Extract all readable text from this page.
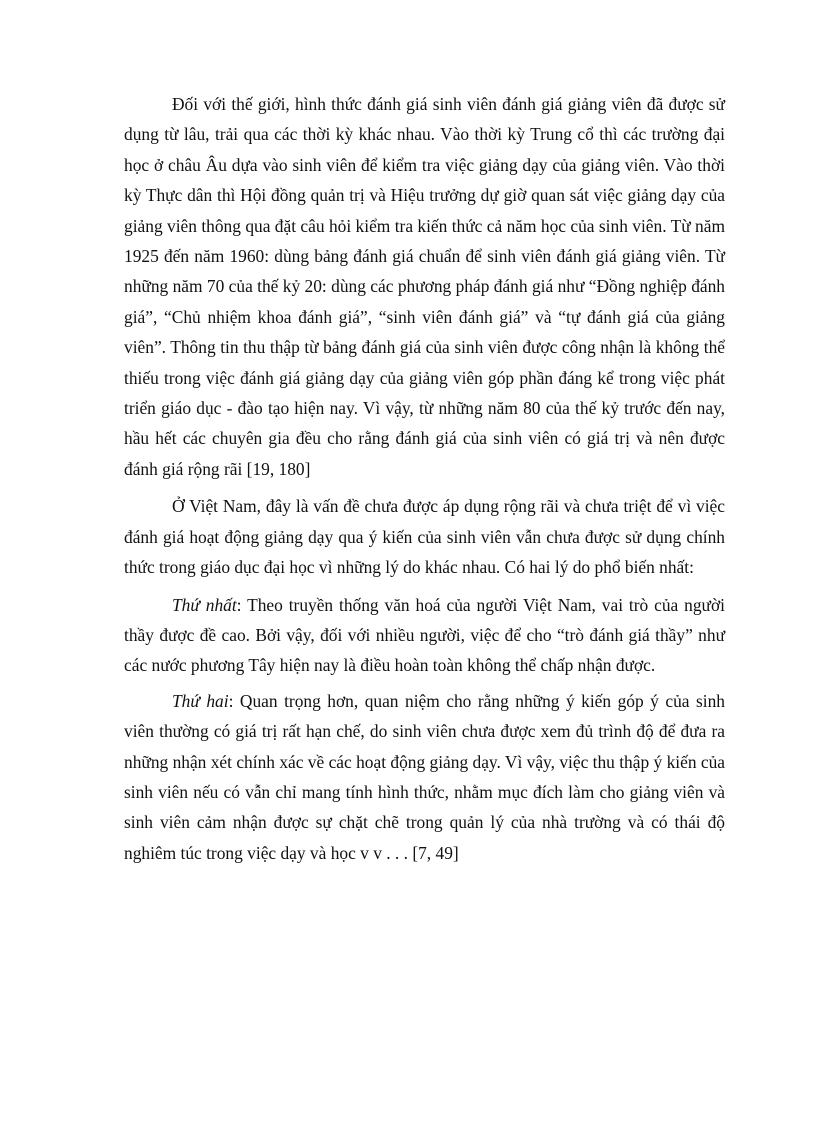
Đối với thế giới, hình thức đánh giá sinh viên đánh giá giảng viên đã được sử dụng từ lâu, trải qua các thời kỳ khác nhau. Vào thời kỳ Trung cổ thì các trường đại học ở châu Âu dựa vào sinh viên để kiểm tra việc giảng dạy của giảng viên. Vào thời kỳ Thực dân thì Hội đồng quản trị và Hiệu trưởng dự giờ quan sát việc giảng dạy của giảng viên thông qua đặt câu hỏi kiểm tra kiến thức cả năm học của sinh viên. Từ năm 1925 đến năm 1960: dùng bảng đánh giá chuẩn để sinh viên đánh giá giảng viên. Từ những năm 70 của thế kỷ 20: dùng các phương pháp đánh giá như “Đồng nghiệp đánh giá”, “Chủ nhiệm khoa đánh giá”, “sinh viên đánh giá” và “tự đánh giá của giảng viên”. Thông tin thu thập từ bảng đánh giá của sinh viên được công nhận là không thể thiếu trong việc đánh giá giảng dạy của giảng viên góp phần đáng kể trong việc phát triển giáo dục - đào tạo hiện nay. Vì vậy, từ những năm 80 của thế kỷ trước đến nay, hầu hết các chuyên gia đều cho rằng đánh giá của sinh viên có giá trị và nên được đánh giá rộng rãi [19, 180]

Ở Việt Nam, đây là vấn đề chưa được áp dụng rộng rãi và chưa triệt để vì việc đánh giá hoạt động giảng dạy qua ý kiến của sinh viên vẫn chưa được sử dụng chính thức trong giáo dục đại học vì những lý do khác nhau. Có hai lý do phổ biến nhất:

Thứ nhất: Theo truyền thống văn hoá của người Việt Nam, vai trò của người thầy được đề cao. Bởi vậy, đối với nhiều người, việc để cho “trò đánh giá thầy” như các nước phương Tây hiện nay là điều hoàn toàn không thể chấp nhận được.

Thứ hai: Quan trọng hơn, quan niệm cho rằng những ý kiến góp ý của sinh viên thường có giá trị rất hạn chế, do sinh viên chưa được xem đủ trình độ để đưa ra những nhận xét chính xác về các hoạt động giảng dạy. Vì vậy, việc thu thập ý kiến của sinh viên nếu có vẫn chỉ mang tính hình thức, nhằm mục đích làm cho giảng viên và sinh viên cảm nhận được sự chặt chẽ trong quản lý của nhà trường và có thái độ nghiêm túc trong việc dạy và học v v . . . [7, 49]
